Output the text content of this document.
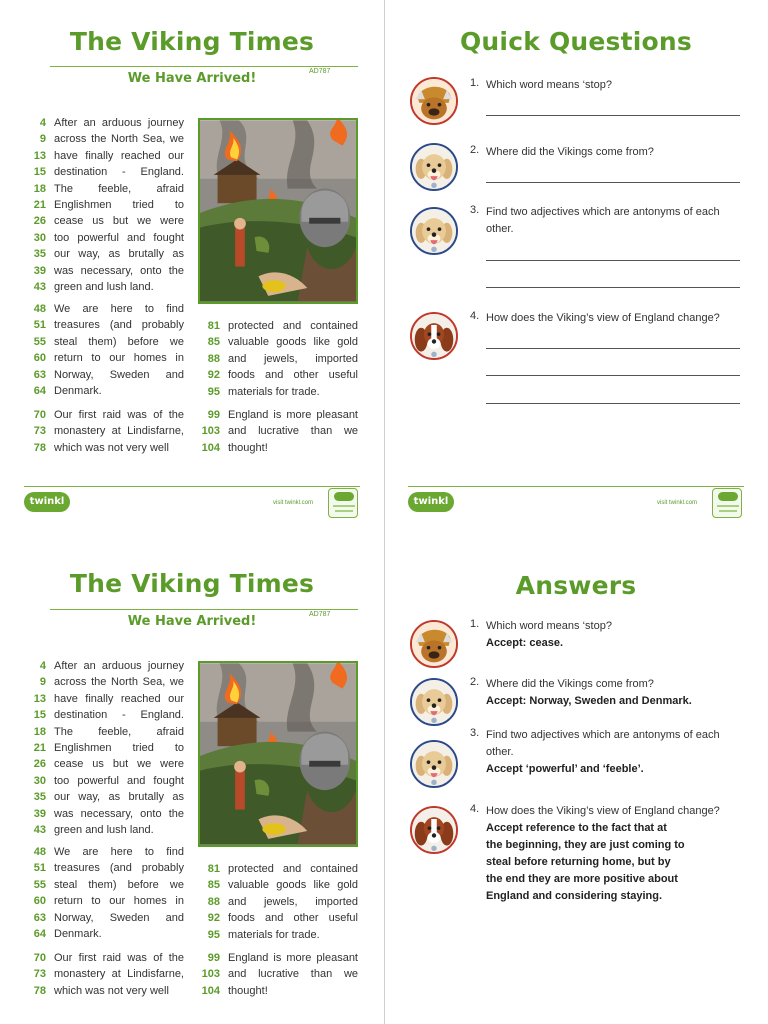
The Viking Times
We Have Arrived!	AD787
4 After an arduous journey
9 across the North Sea, we
13 have finally reached our
15 destination - England.
18 The feeble, afraid
21 Englishmen tried to
26 cease us but we were
30 too powerful and fought
35 our way, as brutally as
39 was necessary, onto the
43 green and lush land.
48 We are here to find
51 treasures (and probably
55 steal them) before we
60 return to our homes in
63 Norway, Sweden and
64 Denmark.
70 Our first raid was of the
73 monastery at Lindisfarne,
78 which was not very well
81 protected and contained
85 valuable goods like gold
88 and jewels, imported
92 foods and other useful
95 materials for trade.
99 England is more pleasant
103 and lucrative than we
104 thought!
twinkl	visit twinkl.com
Quick Questions
1. Which word means ‘stop?
2. Where did the Vikings come from?
3. Find two adjectives which are antonyms of each other.
4. How does the Viking’s view of England change?
twinkl	visit twinkl.com
The Viking Times
We Have Arrived!	AD787
4 After an arduous journey
9 across the North Sea, we
13 have finally reached our
15 destination - England.
18 The feeble, afraid
21 Englishmen tried to
26 cease us but we were
30 too powerful and fought
35 our way, as brutally as
39 was necessary, onto the
43 green and lush land.
48 We are here to find
51 treasures (and probably
55 steal them) before we
60 return to our homes in
63 Norway, Sweden and
64 Denmark.
70 Our first raid was of the
73 monastery at Lindisfarne,
78 which was not very well
81 protected and contained
85 valuable goods like gold
88 and jewels, imported
92 foods and other useful
95 materials for trade.
99 England is more pleasant
103 and lucrative than we
104 thought!
Answers
1. Which word means ‘stop?
Accept: cease.
2. Where did the Vikings come from?
Accept: Norway, Sweden and Denmark.
3. Find two adjectives which are antonyms of each other.
Accept ‘powerful’ and ‘feeble’.
4. How does the Viking’s view of England change?

Accept reference to the fact that at the beginning, they are just coming to steal before returning home, but by the end they are more positive about England and considering staying.
